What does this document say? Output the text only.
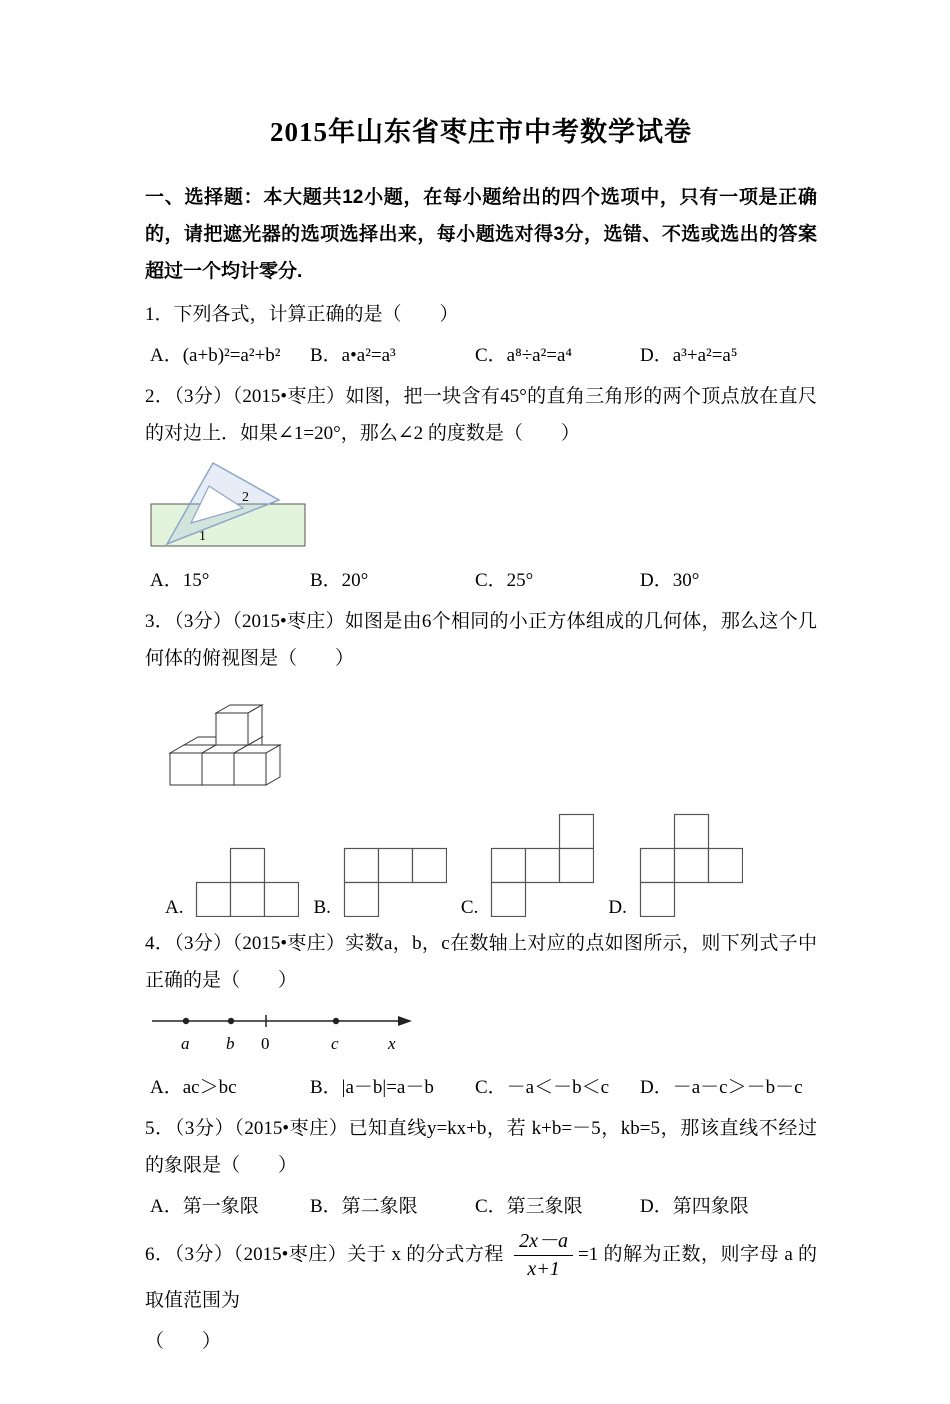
2015年山东省枣庄市中考数学试卷

一、选择题：本大题共12小题，在每小题给出的四个选项中，只有一项是正确的，请把遮光器的选项选择出来，每小题选对得3分，选错、不选或选出的答案超过一个均计零分.

1．下列各式，计算正确的是（　　）

A．(a+b)²=a²+b²	B．a•a²=a³	C．a⁸÷a²=a⁴	D．a³+a²=a⁵

2．（3分）（2015•枣庄）如图，把一块含有45°的直角三角形的两个顶点放在直尺的对边上．如果∠1=20°，那么∠2 的度数是（　　）

2
1
A．15°	B．20°	C．25°	D．30°

3．（3分）（2015•枣庄）如图是由6个相同的小正方体组成的几何体，那么这个几何体的俯视图是（　　）

A.	B.	C.	D.

4．（3分）（2015•枣庄）实数a，b，c在数轴上对应的点如图所示，则下列式子中正确的是（　　）

a b 0	c	x
A．ac＞bc	B．|a－b|=a－b	C．－a＜－b＜c	D．－a－c＞－b－c

5．（3分）（2015•枣庄）已知直线y=kx+b，若 k+b=－5，kb=5，那该直线不经过的象限是（　　）

A．第一象限	B．第二象限	C．第三象限	D．第四象限

6．（3分）（2015•枣庄）关于 x 的分式方程 $\frac{2x-a}{x+1} =1$ 的解为正数，则字母 a 的取值范围为

（　　）
